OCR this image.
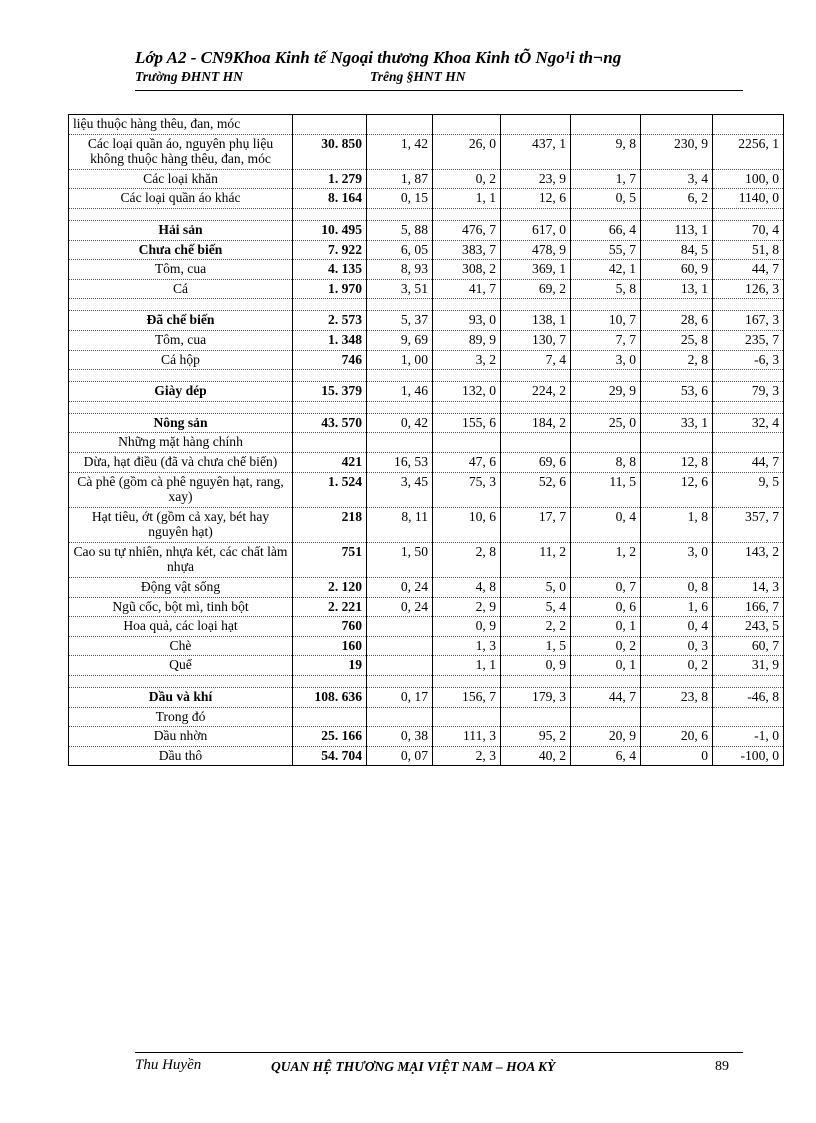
Lớp A2 - CN9Khoa Kinh tế Ngoại thương Khoa Kinh tÕ Ngo¹i th¬ng
Trường ĐHNT HN	Trêng §HNT HN
liệu thuộc hàng thêu, đan, móc							
Các loại quần áo, nguyên phụ liệu không thuộc hàng thêu, đan, móc	30. 850	1, 42	26, 0	437, 1	9, 8	230, 9	2256, 1
Các loại khăn	1. 279	1, 87	0, 2	23, 9	1, 7	3, 4	100, 0
Các loại quần áo khác	8. 164	0, 15	1, 1	12, 6	0, 5	6, 2	1140, 0

Hải sản	10. 495	5, 88	476, 7	617, 0	66, 4	113, 1	70, 4
Chưa chế biến	7. 922	6, 05	383, 7	478, 9	55, 7	84, 5	51, 8
Tôm, cua	4. 135	8, 93	308, 2	369, 1	42, 1	60, 9	44, 7
Cá	1. 970	3, 51	41, 7	69, 2	5, 8	13, 1	126, 3

Đã chế biến	2. 573	5, 37	93, 0	138, 1	10, 7	28, 6	167, 3
Tôm, cua	1. 348	9, 69	89, 9	130, 7	7, 7	25, 8	235, 7
Cá hộp	746	1, 00	3, 2	7, 4	3, 0	2, 8	-6, 3

Giày dép	15. 379	1, 46	132, 0	224, 2	29, 9	53, 6	79, 3

Nông sản	43. 570	0, 42	155, 6	184, 2	25, 0	33, 1	32, 4
Những mặt hàng chính							
Dừa, hạt điều (đã và chưa chế biến)	421	16, 53	47, 6	69, 6	8, 8	12, 8	44, 7
Cà phê (gồm cà phê nguyên hạt, rang, xay)	1. 524	3, 45	75, 3	52, 6	11, 5	12, 6	9, 5
Hạt tiêu, ớt (gồm cả xay, bét hay nguyên hạt)	218	8, 11	10, 6	17, 7	0, 4	1, 8	357, 7
Cao su tự nhiên, nhựa két, các chất làm nhựa	751	1, 50	2, 8	11, 2	1, 2	3, 0	143, 2
Động vật sống	2. 120	0, 24	4, 8	5, 0	0, 7	0, 8	14, 3
Ngũ cốc, bột mì, tinh bột	2. 221	0, 24	2, 9	5, 4	0, 6	1, 6	166, 7
Hoa quả, các loại hạt	760		0, 9	2, 2	0, 1	0, 4	243, 5
Chè	160		1, 3	1, 5	0, 2	0, 3	60, 7
Quế	19		1, 1	0, 9	0, 1	0, 2	31, 9

Dầu và khí	108. 636	0, 17	156, 7	179, 3	44, 7	23, 8	-46, 8
Trong đó							
Dầu nhờn	25. 166	0, 38	111, 3	95, 2	20, 9	20, 6	-1, 0
Dầu thô	54. 704	0, 07	2, 3	40, 2	6, 4	0	-100, 0
Thu Huyền	QUAN HỆ THƯƠNG MẠI VIỆT NAM – HOA KỲ	89
